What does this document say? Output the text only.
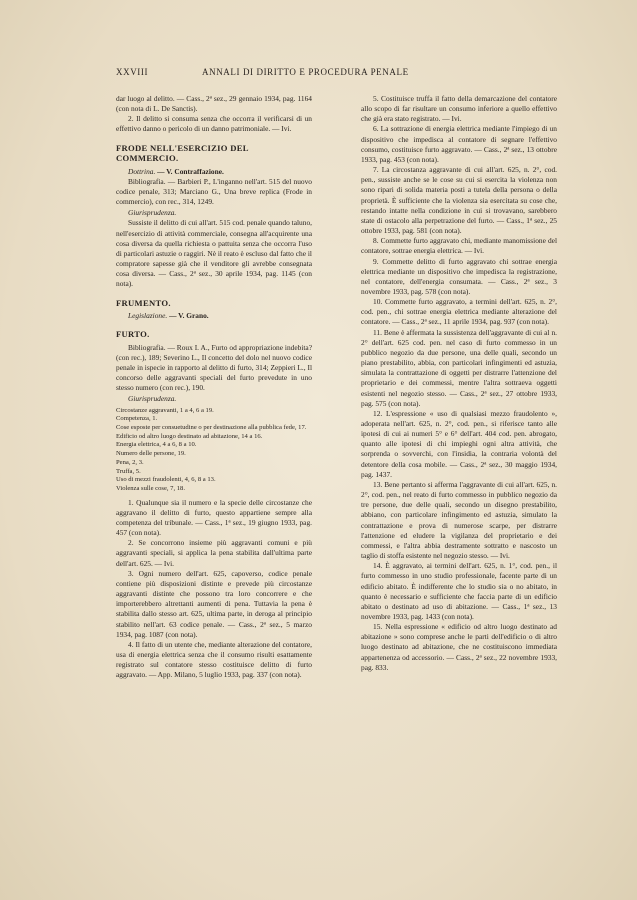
XXVIII	ANNALI DI DIRITTO E PROCEDURA PENALE

dar luogo al delitto. — Cass., 2ª sez., 29 gennaio 1934, pag. 1164 (con nota di L. De Sanctis).

2. Il delitto si consuma senza che occorra il verificarsi di un effettivo danno o pericolo di un danno patrimoniale. — Ivi.

FRODE NELL'ESERCIZIO DEL COMMERCIO.

Dottrina. — V. Contraffazione.

Bibliografia. — Barbieri P., L'inganno nell'art. 515 del nuovo codice penale, 313; Marciano G., Una breve replica (Frode in commercio), con rec., 314, 1249.

Giurisprudenza.

Sussiste il delitto di cui all'art. 515 cod. penale quando taluno, nell'esercizio di attività commerciale, consegna all'acquirente una cosa diversa da quella richiesta o pattuita senza che occorra l'uso di particolari astuzie o raggiri. Nè il reato è escluso dal fatto che il compratore sapesse già che il venditore gli avrebbe consegnata cosa diversa. — Cass., 2ª sez., 30 aprile 1934, pag. 1145 (con nota).

FRUMENTO.

Legislazione. — V. Grano.

FURTO.

Bibliografia. — Roux I. A., Furto od appropriazione indebita? (con rec.), 189; Severino L., Il concetto del dolo nel nuovo codice penale in ispecie in rapporto al delitto di furto, 314; Zeppieri L., Il concorso delle aggravanti speciali del furto prevedute in uno stesso numero (con rec.), 190.

Giurisprudenza.

Circostanze aggravanti, 1 a 4, 6 a 19.
Competenza, 1.
Cose esposte per consuetudine o per destinazione alla pubblica fede, 17.
Edificio od altro luogo destinato ad abitazione, 14 a 16.
Energia elettrica, 4 a 6, 8 a 10.
Numero delle persone, 19.
Pena, 2, 3.
Truffa, 5.
Uso di mezzi fraudolenti, 4, 6, 8 a 13.
Violenza sulle cose, 7, 18.

1. Qualunque sia il numero e la specie delle circostanze che aggravano il delitto di furto, questo appartiene sempre alla competenza del tribunale. — Cass., 1ª sez., 19 giugno 1933, pag. 457 (con nota).

2. Se concorrono insieme più aggravanti comuni e più aggravanti speciali, si applica la pena stabilita dall'ultima parte dell'art. 625. — Ivi.

3. Ogni numero dell'art. 625, capoverso, codice penale contiene più disposizioni distinte e prevede più circostanze aggravanti distinte che possono tra loro concorrere e che importerebbero altrettanti aumenti di pena. Tuttavia la pena è stabilita dallo stesso art. 625, ultima parte, in deroga al principio stabilito nell'art. 63 codice penale. — Cass., 2ª sez., 5 marzo 1934, pag. 1087 (con nota).

4. Il fatto di un utente che, mediante alterazione del contatore, usa di energia elettrica senza che il consumo risulti esattamente registrato sul contatore stesso costituisce delitto di furto aggravato. — App. Milano, 5 luglio 1933, pag. 337 (con nota).

5. Costituisce truffa il fatto della demarcazione del contatore allo scopo di far risultare un consumo inferiore a quello effettivo che già era stato registrato. — Ivi.

6. La sottrazione di energia elettrica mediante l'impiego di un dispositivo che impedisca al contatore di segnare l'effettivo consumo, costituisce furto aggravato. — Cass., 2ª sez., 13 ottobre 1933, pag. 453 (con nota).

7. La circostanza aggravante di cui all'art. 625, n. 2°, cod. pen., sussiste anche se le cose su cui si esercita la violenza non sono ripari di solida materia posti a tutela della persona o della proprietà. È sufficiente che la violenza sia esercitata su cose che, restando intatte nella condizione in cui si trovavano, sarebbero state di ostacolo alla perpetrazione del furto. — Cass., 1ª sez., 25 ottobre 1933, pag. 581 (con nota).

8. Commette furto aggravato chi, mediante manomissione del contatore, sottrae energia elettrica. — Ivi.

9. Commette delitto di furto aggravato chi sottrae energia elettrica mediante un dispositivo che impediscа la registrazione, nel contatore, dell'energia consumata. — Cass., 2ª sez., 3 novembre 1933, pag. 578 (con nota).

10. Commette furto aggravato, a termini dell'art. 625, n. 2°, cod. pen., chi sottrae energia elettrica mediante alterazione del contatore. — Cass., 2ª sez., 11 aprile 1934, pag. 937 (con nota).

11. Bene è affermata la sussistenza dell'aggravante di cui al n. 2° dell'art. 625 cod. pen. nel caso di furto commesso in un pubblico negozio da due persone, una delle quali, secondo un piano prestabilito, abbia, con particolari infingimenti ed astuzia, simulata la contrattazione di oggetti per distrarre l'attenzione del proprietario e dei commessi, mentre l'altra sottraeva oggetti esistenti nel negozio stesso. — Cass., 2ª sez., 27 ottobre 1933, pag. 575 (con nota).

12. L'espressione « uso di qualsiasi mezzo fraudolento », adoperata nell'art. 625, n. 2°, cod. pen., si riferisce tanto alle ipotesi di cui ai numeri 5° e 6° dell'art. 404 cod. pen. abrogato, quanto alle ipotesi di chi impieghi ogni altra attività, che sorprenda o sovverchi, con l'insidia, la contraria volontà del detentore della cosa mobile. — Cass., 2ª sez., 30 maggio 1934, pag. 1437.

13. Bene pertanto si afferma l'aggravante di cui all'art. 625, n. 2°, cod. pen., nel reato di furto commesso in pubblico negozio da tre persone, due delle quali, secondo un disegno prestabilito, abbiano, con particolare infingimento ed astuzia, simulato la contrattazione e prova di numerose scarpe, per distrarre l'attenzione ed eludere la vigilanza del proprietario e dei commessi, e l'altra abbia destramente sottratto e nascosto un taglio di stoffa esistente nel negozio stesso. — Ivi.

14. È aggravato, ai termini dell'art. 625, n. 1°, cod. pen., il furto commesso in uno studio professionale, facente parte di un edificio abitato. È indifferente che lo studio sia o no abitato, in quanto è necessario e sufficiente che faccia parte di un edificio abitato o destinato ad uso di abitazione. — Cass., 1ª sez., 13 novembre 1933, pag. 1433 (con nota).

15. Nella espressione « edificio od altro luogo destinato ad abitazione » sono comprese anche le parti dell'edificio o di altro luogo destinato ad abitazione, che ne costituiscono immediata appartenenza od accessorio. — Cass., 2ª sez., 22 novembre 1933, pag. 833.
